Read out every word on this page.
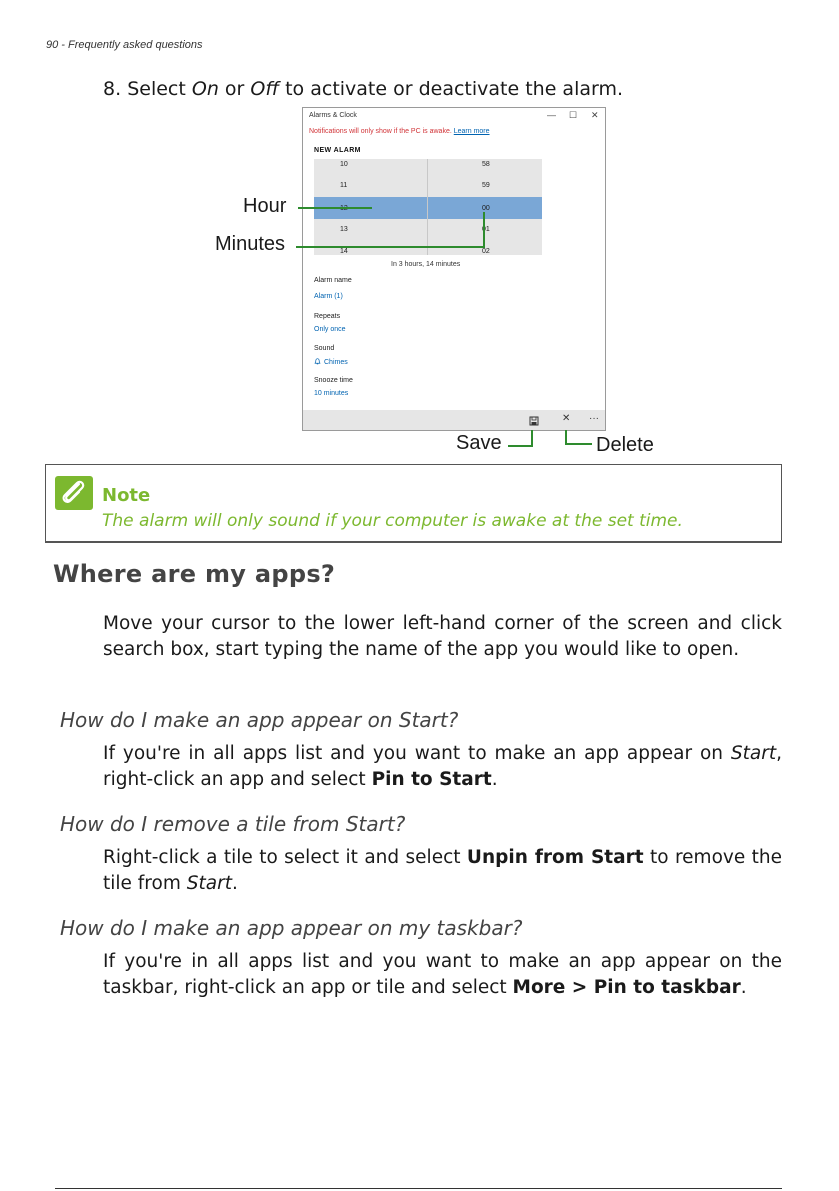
90 - Frequently asked questions
8. Select On or Off to activate or deactivate the alarm.
Alarms & Clock	— ☐ ✕
Notifications will only show if the PC is awake. Learn more
NEW ALARM
10
11
12
13
14
58
59
00
01
02
In 3 hours, 14 minutes
Alarm name
Alarm (1)
Repeats
Only once
Sound
Chimes
Snooze time
10 minutes
✕ ···
Hour
Minutes
Save	Delete
Note
The alarm will only sound if your computer is awake at the set time.
Where are my apps?

Move your cursor to the lower left-hand corner of the screen and click search box, start typing the name of the app you would like to open.

How do I make an app appear on Start?

If you're in all apps list and you want to make an app appear on Start, right-click an app and select Pin to Start.

How do I remove a tile from Start?

Right-click a tile to select it and select Unpin from Start to remove the tile from Start.

How do I make an app appear on my taskbar?

If you're in all apps list and you want to make an app appear on the taskbar, right-click an app or tile and select More > Pin to taskbar.
